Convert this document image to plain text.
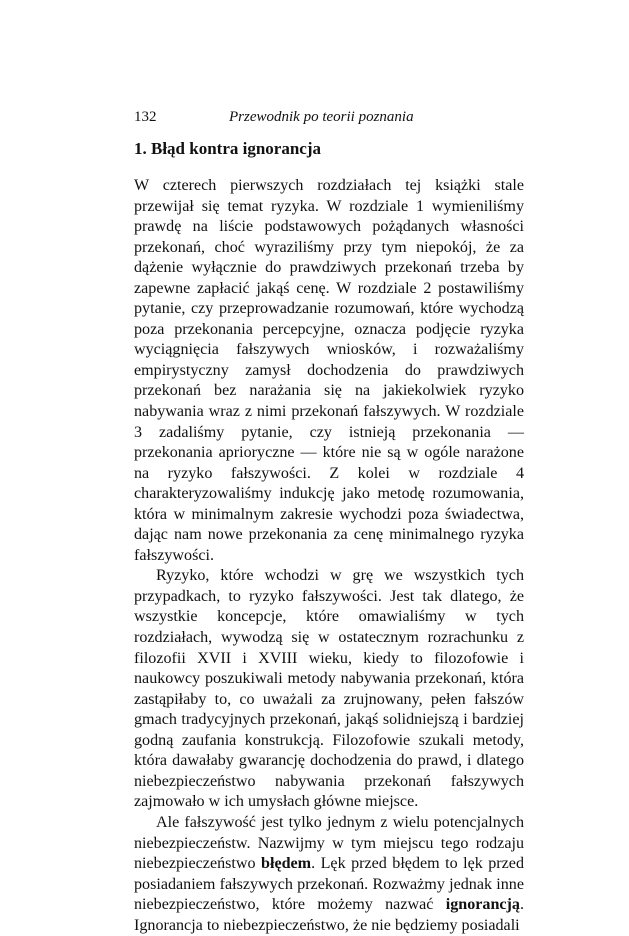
132	Przewodnik po teorii poznania
1. Błąd kontra ignorancja

W czterech pierwszych rozdziałach tej książki stale przewijał się temat ryzyka. W rozdziale 1 wymieniliśmy prawdę na liście podstawowych pożądanych własności przekonań, choć wyraziliśmy przy tym niepokój, że za dążenie wyłącznie do prawdziwych przekonań trzeba by zapewne zapłacić jakąś cenę. W rozdziale 2 postawiliśmy pytanie, czy przeprowadzanie rozumowań, które wychodzą poza przekonania percepcyjne, oznacza podjęcie ryzyka wyciągnięcia fałszywych wniosków, i rozważaliśmy empirystyczny zamysł dochodzenia do prawdziwych przekonań bez narażania się na jakiekolwiek ryzyko nabywania wraz z nimi przekonań fałszywych. W rozdziale 3 zadaliśmy pytanie, czy istnieją przekonania — przekonania aprioryczne — które nie są w ogóle narażone na ryzyko fałszywości. Z kolei w rozdziale 4 charakteryzowaliśmy indukcję jako metodę rozumowania, która w minimalnym zakresie wychodzi poza świadectwa, dając nam nowe przekonania za cenę minimalnego ryzyka fałszywości.

Ryzyko, które wchodzi w grę we wszystkich tych przypadkach, to ryzyko fałszywości. Jest tak dlatego, że wszystkie koncepcje, które omawialiśmy w tych rozdziałach, wywodzą się w ostatecznym rozrachunku z filozofii XVII i XVIII wieku, kiedy to filozofowie i naukowcy poszukiwali metody nabywania przekonań, która zastąpiłaby to, co uważali za zrujnowany, pełen fałszów gmach tradycyjnych przekonań, jakąś solidniejszą i bardziej godną zaufania konstrukcją. Filozofowie szukali metody, która dawałaby gwarancję dochodzenia do prawd, i dlatego niebezpieczeństwo nabywania przekonań fałszywych zajmowało w ich umysłach główne miejsce.

Ale fałszywość jest tylko jednym z wielu potencjalnych niebezpieczeństw. Nazwijmy w tym miejscu tego rodzaju niebezpieczeństwo błędem. Lęk przed błędem to lęk przed posiadaniem fałszywych przekonań. Rozważmy jednak inne niebezpieczeństwo, które możemy nazwać ignorancją. Ignorancja to niebezpieczeństwo, że nie będziemy posiadali
